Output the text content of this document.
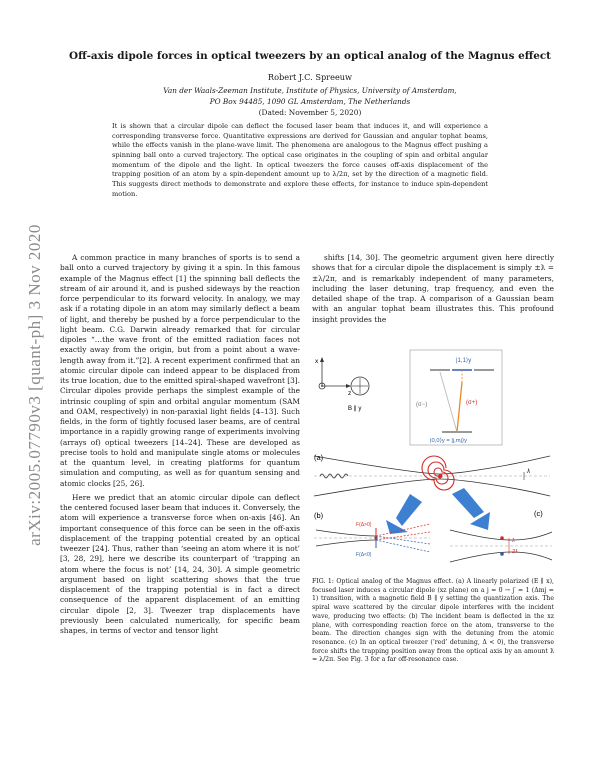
arXiv:2005.07790v3 [quant-ph] 3 Nov 2020
Off-axis dipole forces in optical tweezers by an optical analog of the Magnus effect
Robert J.C. Spreeuw
Van der Waals-Zeeman Institute, Institute of Physics, University of Amsterdam,
PO Box 94485, 1090 GL Amsterdam, The Netherlands
(Dated: November 5, 2020)

It is shown that a circular dipole can deflect the focused laser beam that induces it, and will experience a corresponding transverse force. Quantitative expressions are derived for Gaussian and angular tophat beams, while the effects vanish in the plane-wave limit. The phenomena are analogous to the Magnus effect pushing a spinning ball onto a curved trajectory. The optical case originates in the coupling of spin and orbital angular momentum of the dipole and the light. In optical tweezers the force causes off-axis displacement of the trapping position of an atom by a spin-dependent amount up to λ/2π, set by the direction of a magnetic field. This suggests direct methods to demonstrate and explore these effects, for instance to induce spin-dependent motion.

A common practice in many branches of sports is to send a ball onto a curved trajectory by giving it a spin. In this famous example of the Magnus effect [1] the spinning ball deflects the stream of air around it, and is pushed sideways by the reaction force perpendicular to its forward velocity. In analogy, we may ask if a rotating dipole in an atom may similarly deflect a beam of light, and thereby be pushed by a force perpendicular to the light beam. C.G. Darwin already remarked that for circular dipoles “…the wave front of the emitted radiation faces not exactly away from the origin, but from a point about a wave-length away from it.”[2]. A recent experiment confirmed that an atomic circular dipole can indeed appear to be displaced from its true location, due to the emitted spiral-shaped wavefront [3]. Circular dipoles provide perhaps the simplest example of the intrinsic coupling of spin and orbital angular momentum (SAM and OAM, respectively) in non-paraxial light fields [4–13]. Such fields, in the form of tightly focused laser beams, are of central importance in a rapidly growing range of experiments involving (arrays of) optical tweezers [14–24]. These are developed as precise tools to hold and manipulate single atoms or molecules at the quantum level, in creating platforms for quantum simulation and computing, as well as for quantum sensing and atomic clocks [25, 26].

Here we predict that an atomic circular dipole can deflect the centered focused laser beam that induces it. Conversely, the atom will experience a transverse force when on-axis [46]. An important consequence of this force can be seen in the off-axis displacement of the trapping potential created by an optical tweezer [24]. Thus, rather than ‘seeing an atom where it is not’ [3, 28, 29], here we describe its counterpart of ‘trapping an atom where the focus is not’ [14, 24, 30]. A simple geometric argument based on light scattering shows that the true displacement of the trapping potential is in fact a direct consequence of the apparent displacement of an emitting circular dipole [2, 3]. Tweezer trap displacements have previously been calculated numerically, for specific beam shapes, in terms of vector and tensor light

shifts [14, 30]. The geometric argument given here directly shows that for a circular dipole the displacement is simply ±ƛ = ±λ/2π, and is remarkably independent of many parameters, including the laser detuning, trap frequency, and even the detailed shape of the trap. A comparison of a Gaussian beam with an angular tophat beam illustrates this. This profound insight provides the

x
z
B ∥ y
|1,1⟩y
|0,0⟩y = |j,mj⟩y
(σ−)	(σ+)
(a)
ƛ
(b)
F(Δ>0)
F(Δ<0)
(c)
ƛ
2ƛ

FIG. 1: Optical analog of the Magnus effect. (a) A linearly polarized (E ∥ x), focused laser induces a circular dipole (xz plane) on a j = 0 → j′ = 1 (Δmj = 1) transition, with a magnetic field B ∥ y setting the quantization axis. The spiral wave scattered by the circular dipole interferes with the incident wave, producing two effects: (b) The incident beam is deflected in the xz plane, with corresponding reaction force on the atom, transverse to the beam. The direction changes sign with the detuning from the atomic resonance. (c) In an optical tweezer (‘red’ detuning, Δ < 0), the transverse force shifts the trapping position away from the optical axis by an amount ƛ = λ/2π. See Fig. 3 for a far off-resonance case.
